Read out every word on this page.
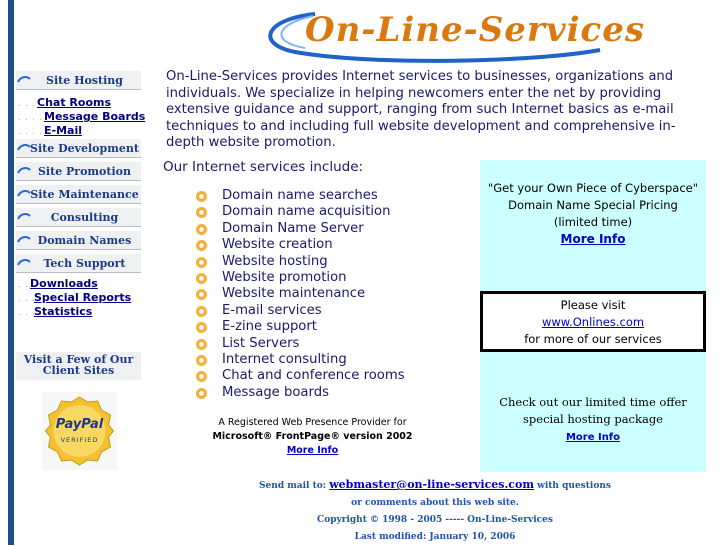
On-Line-Services
Site Hosting
. . . Chat Rooms
. . . . Message Boards
. . . . E-Mail
Site Development
Site Promotion
Site Maintenance
Consulting
Domain Names
Tech Support
. . Downloads
. . .
Special Reports
. . .
Statistics
Visit a Few of Our Client Sites
PayPal
VERIFIED
On-Line-Services provides Internet services to businesses, organizations and individuals. We specialize in helping newcomers enter the net by providing extensive guidance and support, ranging from such Internet basics as e-mail techniques to and including full website development and comprehensive in-depth website promotion.
Our Internet services include:
Domain name searches
Domain name acquisition
Domain Name Server
Website creation
Website hosting
Website promotion
Website maintenance
E-mail services
E-zine support
List Servers
Internet consulting
Chat and conference rooms
Message boards
A Registered Web Presence Provider for
Microsoft® FrontPage® version 2002
More Info
"Get your Own Piece of Cyberspace"
Domain Name Special Pricing
(limited time)
More Info
Please visit
www.Onlines.com
for more of our services
Check out our limited time offer
special hosting package
More Info
Send mail to: webmaster@on-line-services.com with questions
or comments about this web site.
Copyright © 1998 - 2005 ----- On-Line-Services
Last modified: January 10, 2006
